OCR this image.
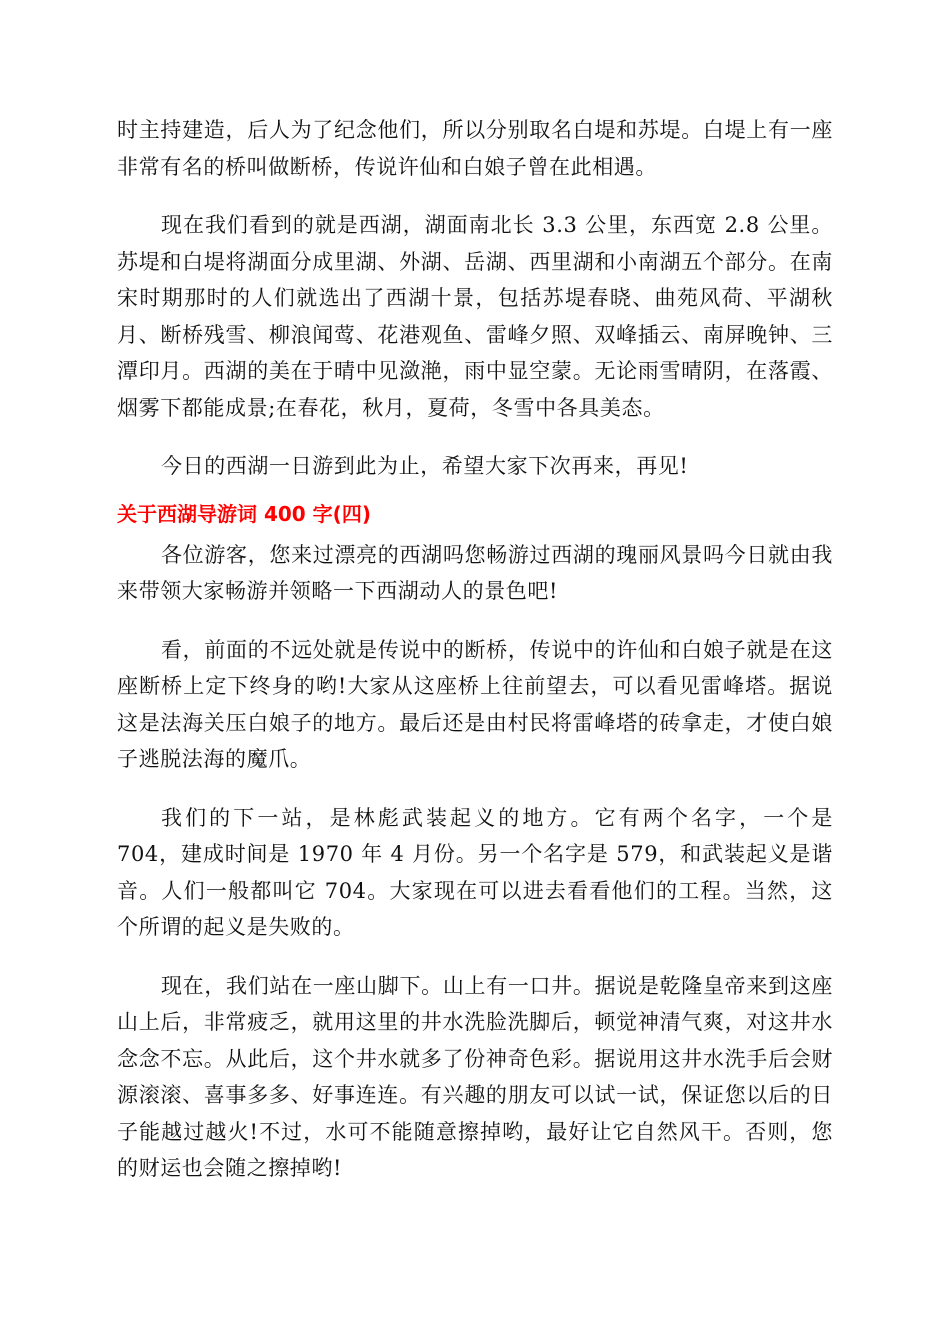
时主持建造，后人为了纪念他们，所以分别取名白堤和苏堤。白堤上有一座非常有名的桥叫做断桥，传说许仙和白娘子曾在此相遇。

现在我们看到的就是西湖，湖面南北长 3.3 公里，东西宽 2.8 公里。苏堤和白堤将湖面分成里湖、外湖、岳湖、西里湖和小南湖五个部分。在南宋时期那时的人们就选出了西湖十景，包括苏堤春晓、曲苑风荷、平湖秋月、断桥残雪、柳浪闻莺、花港观鱼、雷峰夕照、双峰插云、南屏晚钟、三潭印月。西湖的美在于晴中见潋滟，雨中显空蒙。无论雨雪晴阴，在落霞、烟雾下都能成景;在春花，秋月，夏荷，冬雪中各具美态。

今日的西湖一日游到此为止，希望大家下次再来，再见!

关于西湖导游词 400 字(四)

各位游客，您来过漂亮的西湖吗您畅游过西湖的瑰丽风景吗今日就由我来带领大家畅游并领略一下西湖动人的景色吧!

看，前面的不远处就是传说中的断桥，传说中的许仙和白娘子就是在这座断桥上定下终身的哟!大家从这座桥上往前望去，可以看见雷峰塔。据说这是法海关压白娘子的地方。最后还是由村民将雷峰塔的砖拿走，才使白娘子逃脱法海的魔爪。

我们的下一站，是林彪武装起义的地方。它有两个名字，一个是 704，建成时间是 1970 年 4 月份。另一个名字是 579，和武装起义是谐音。人们一般都叫它 704。大家现在可以进去看看他们的工程。当然，这个所谓的起义是失败的。

现在，我们站在一座山脚下。山上有一口井。据说是乾隆皇帝来到这座山上后，非常疲乏，就用这里的井水洗脸洗脚后，顿觉神清气爽，对这井水念念不忘。从此后，这个井水就多了份神奇色彩。据说用这井水洗手后会财源滚滚、喜事多多、好事连连。有兴趣的朋友可以试一试，保证您以后的日子能越过越火!不过，水可不能随意擦掉哟，最好让它自然风干。否则，您的财运也会随之擦掉哟!
